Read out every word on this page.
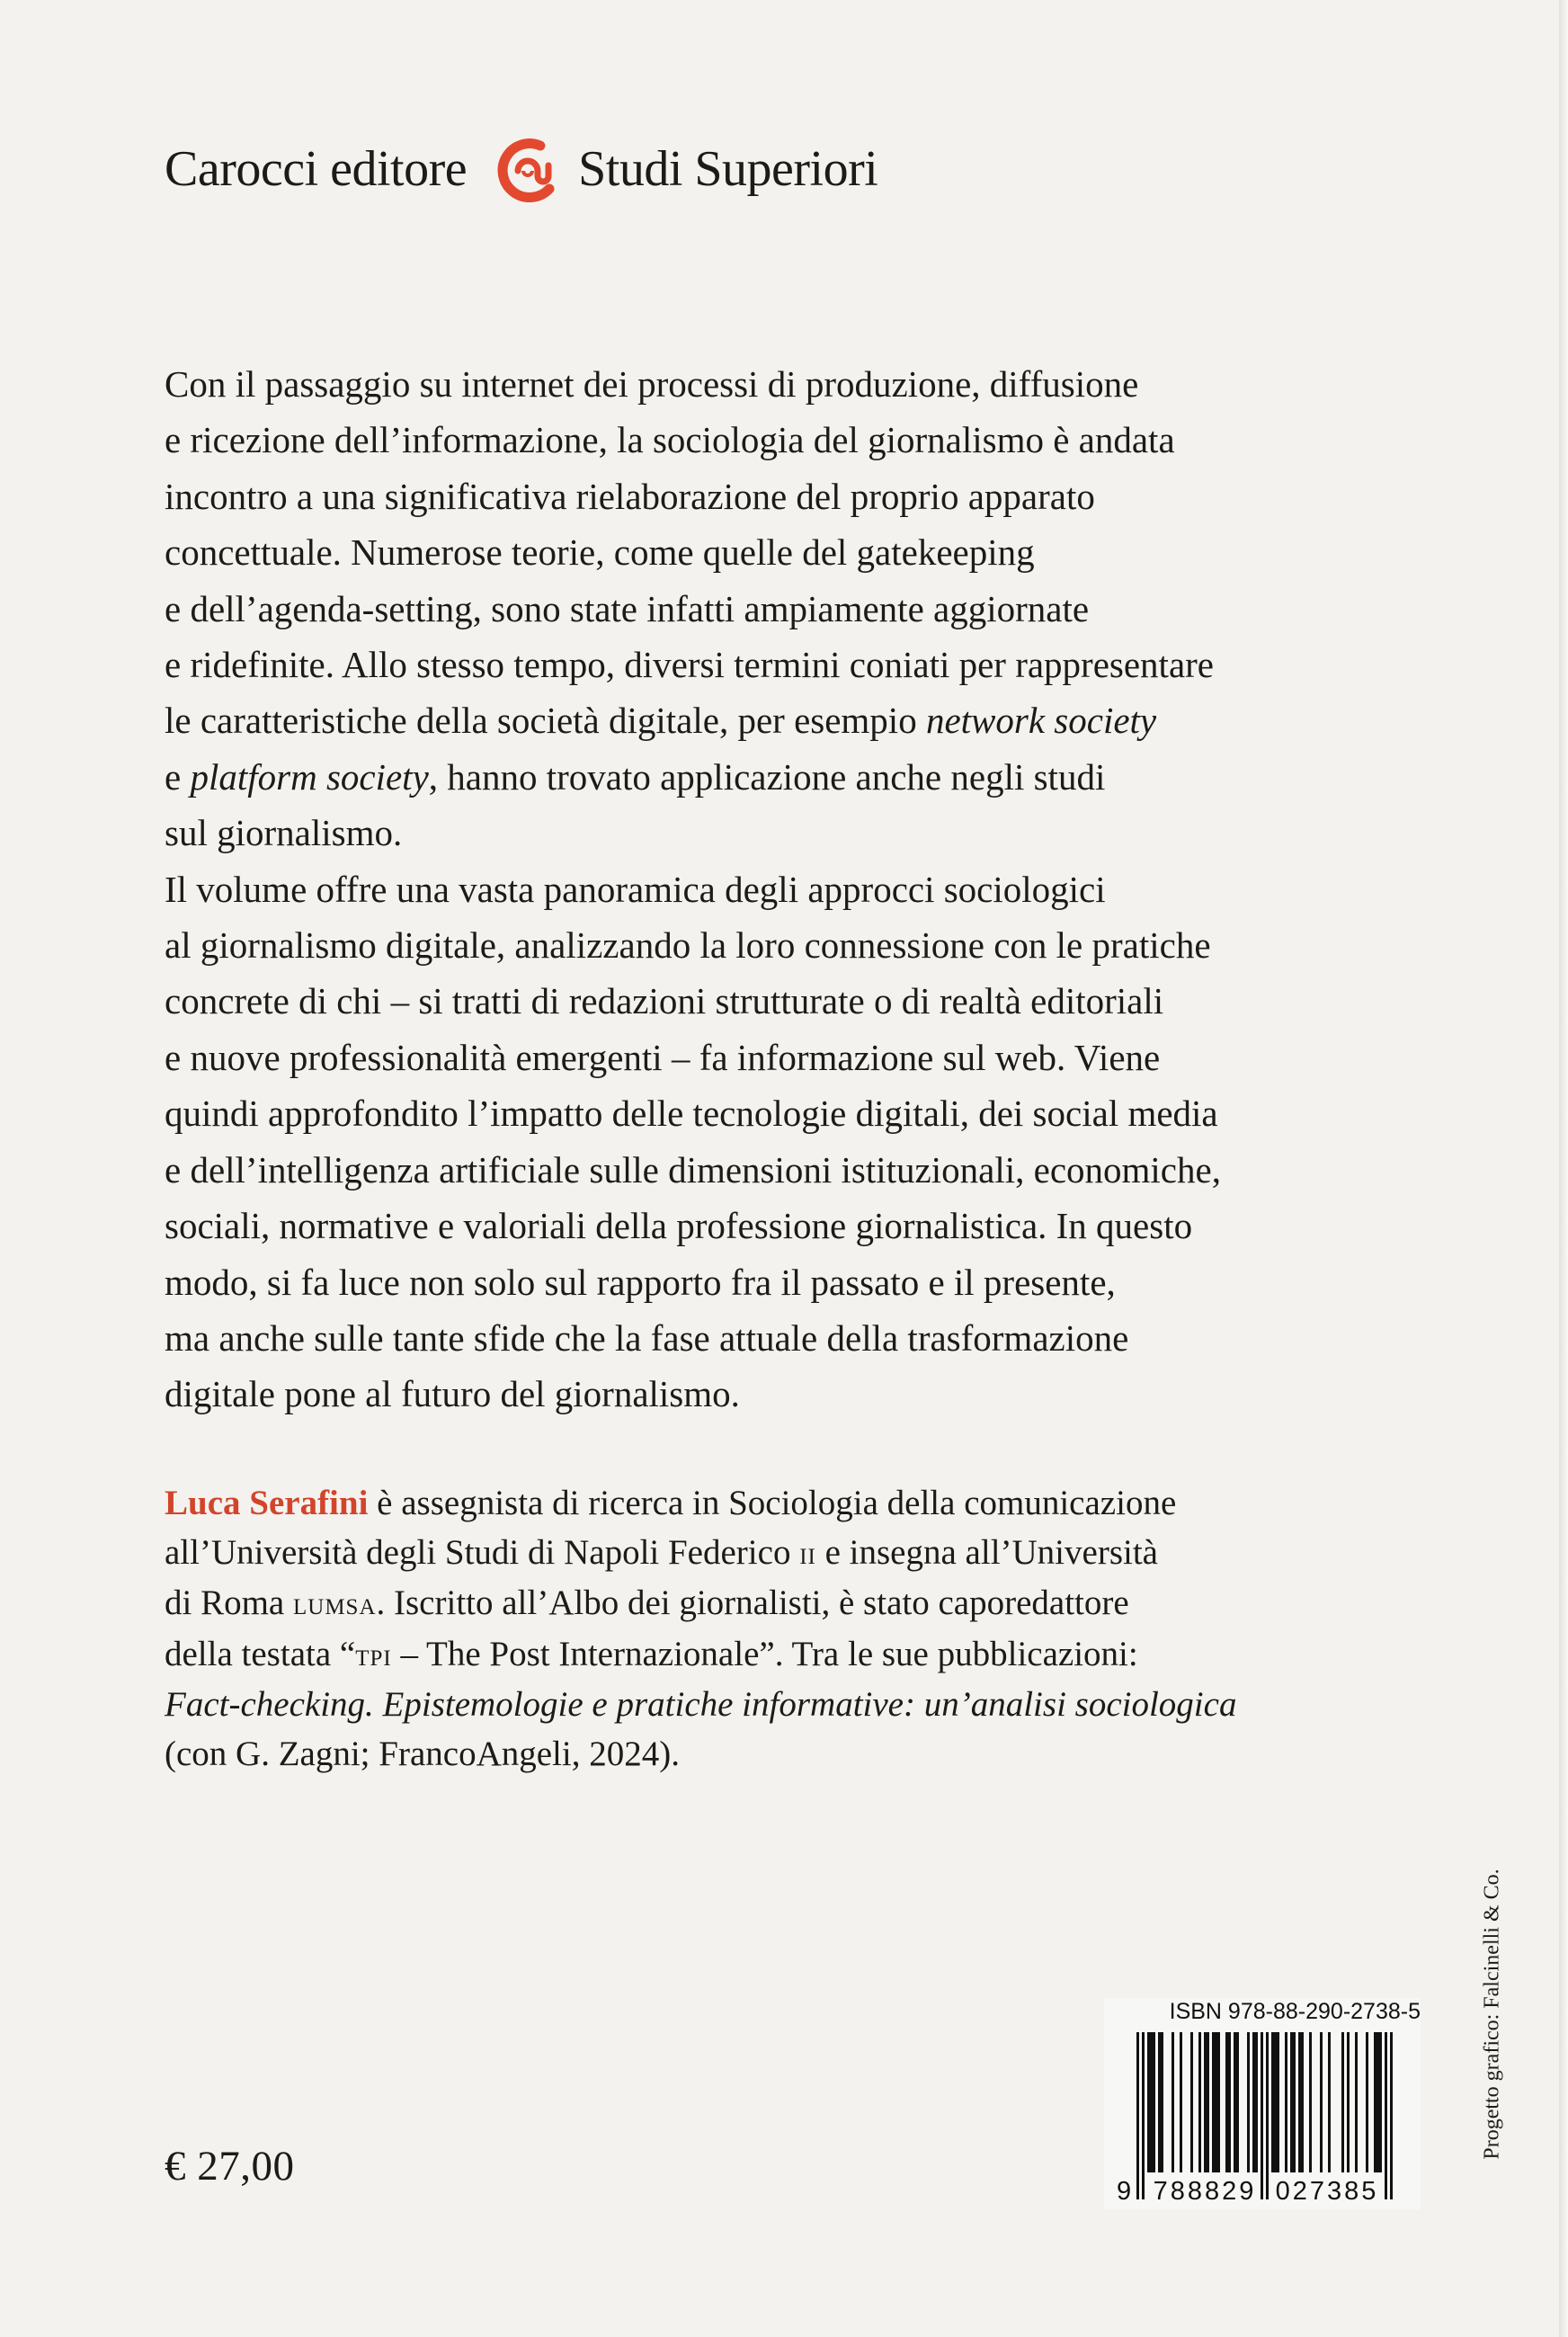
Carocci editore Studi Superiori

Con il passaggio su internet dei processi di produzione, diffusione

e ricezione dell’informazione, la sociologia del giornalismo è andata

incontro a una significativa rielaborazione del proprio apparato

concettuale. Numerose teorie, come quelle del gatekeeping

e dell’agenda-setting, sono state infatti ampiamente aggiornate

e ridefinite. Allo stesso tempo, diversi termini coniati per rappresentare

le caratteristiche della società digitale, per esempio network society

e platform society, hanno trovato applicazione anche negli studi

sul giornalismo.

Il volume offre una vasta panoramica degli approcci sociologici

al giornalismo digitale, analizzando la loro connessione con le pratiche

concrete di chi – si tratti di redazioni strutturate o di realtà editoriali

e nuove professionalità emergenti – fa informazione sul web. Viene

quindi approfondito l’impatto delle tecnologie digitali, dei social media

e dell’intelligenza artificiale sulle dimensioni istituzionali, economiche,

sociali, normative e valoriali della professione giornalistica. In questo

modo, si fa luce non solo sul rapporto fra il passato e il presente,

ma anche sulle tante sfide che la fase attuale della trasformazione

digitale pone al futuro del giornalismo.

Luca Serafini è assegnista di ricerca in Sociologia della comunicazione

all’Università degli Studi di Napoli Federico ii e insegna all’Università

di Roma lumsa. Iscritto all’Albo dei giornalisti, è stato caporedattore

della testata “tpi – The Post Internazionale”. Tra le sue pubblicazioni:

Fact-checking. Epistemologie e pratiche informative: un’analisi sociologica

(con G. Zagni; FrancoAngeli, 2024).

€ 27,00
ISBN 978-88-290-2738-5
9 788829 027385
Progetto grafico: Falcinelli & Co.
